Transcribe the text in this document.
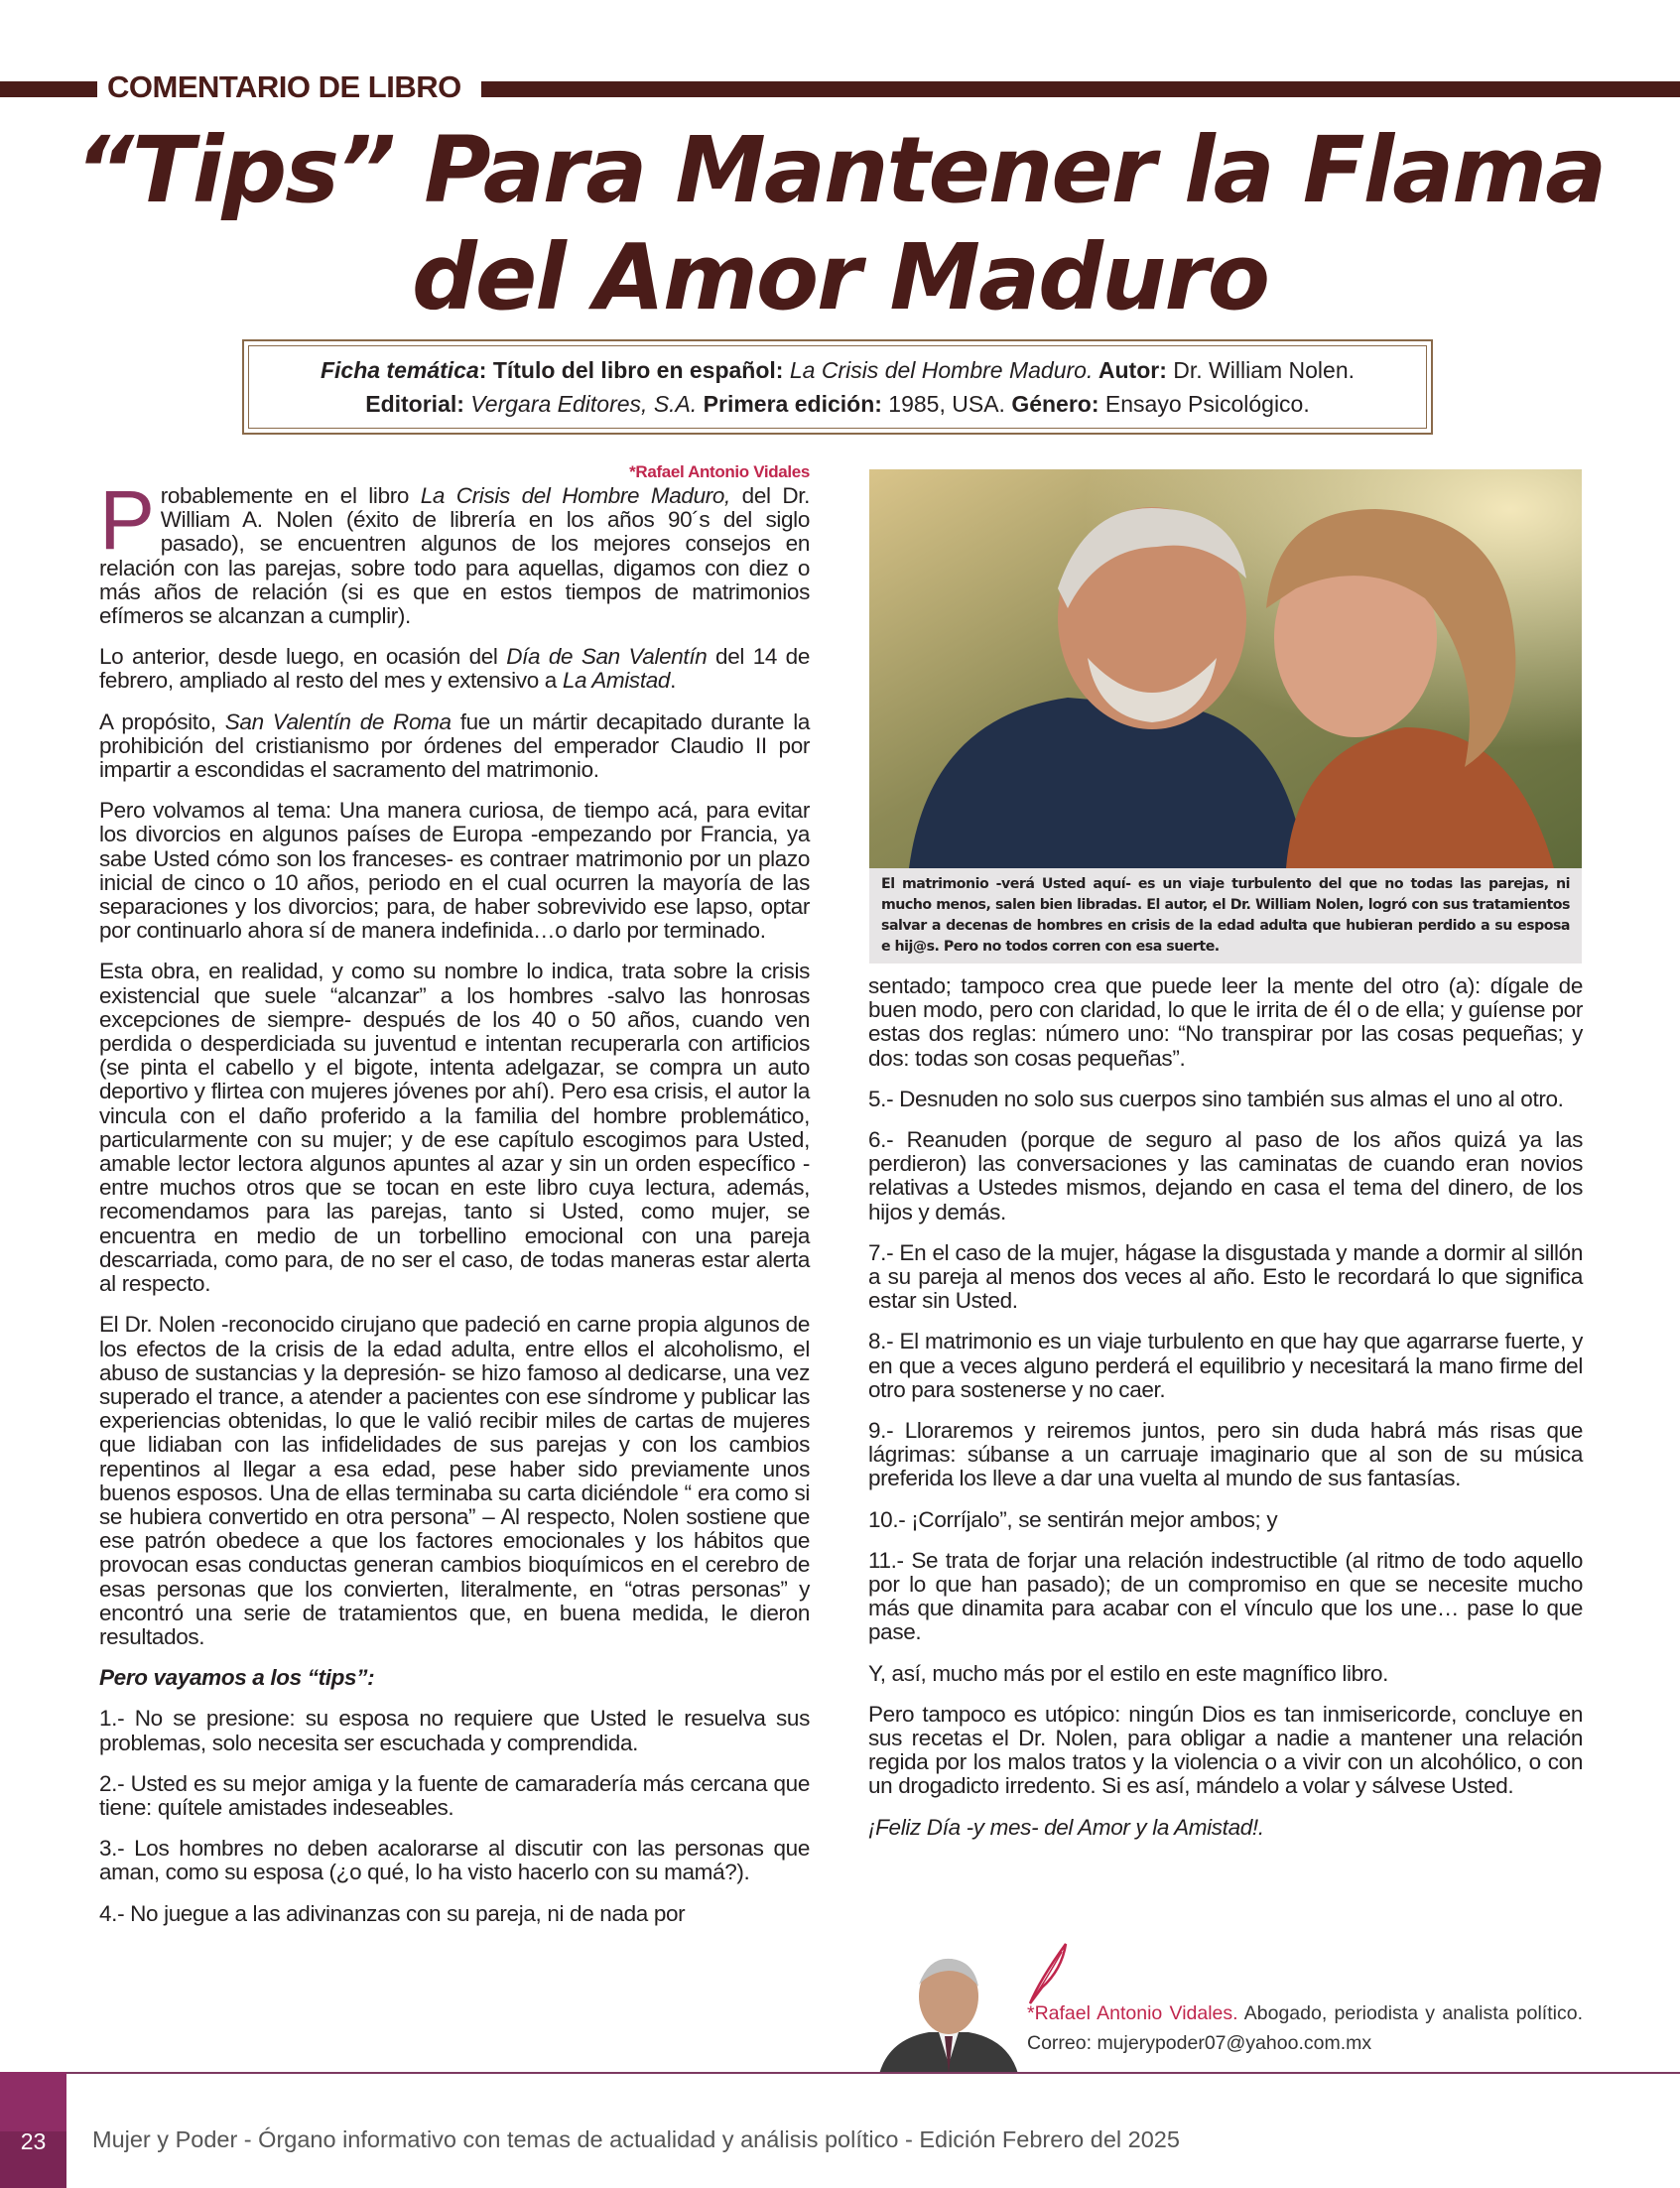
COMENTARIO DE LIBRO
“Tips” Para Mantener la Flama
del Amor Maduro
Ficha temática: Título del libro en español: La Crisis del Hombre Maduro. Autor: Dr. William Nolen.
Editorial: Vergara Editores, S.A. Primera edición: 1985, USA. Género: Ensayo Psicológico.
*Rafael Antonio Vidales

Probablemente en el libro La Crisis del Hombre Maduro, del Dr. William A. Nolen (éxito de librería en los años 90´s del siglo pasado), se encuentren algunos de los mejores consejos en relación con las parejas, sobre todo para aquellas, digamos con diez o más años de relación (si es que en estos tiempos de matrimonios efímeros se alcanzan a cumplir).

Lo anterior, desde luego, en ocasión del Día de San Valentín del 14 de febrero, ampliado al resto del mes y extensivo a La Amistad.

A propósito, San Valentín de Roma fue un mártir decapitado durante la prohibición del cristianismo por órdenes del emperador Claudio II por impartir a escondidas el sacramento del matrimonio.

Pero volvamos al tema: Una manera curiosa, de tiempo acá, para evitar los divorcios en algunos países de Europa -empezando por Francia, ya sabe Usted cómo son los franceses- es contraer matrimonio por un plazo inicial de cinco o 10 años, periodo en el cual ocurren la mayoría de las separaciones y los divorcios; para, de haber sobrevivido ese lapso, optar por continuarlo ahora sí de manera indefinida…o darlo por terminado.

Esta obra, en realidad, y como su nombre lo indica, trata sobre la crisis existencial que suele “alcanzar” a los hombres -salvo las honrosas excepciones de siempre- después de los 40 o 50 años, cuando ven perdida o desperdiciada su juventud e intentan recuperarla con artificios (se pinta el cabello y el bigote, intenta adelgazar, se compra un auto deportivo y flirtea con mujeres jóvenes por ahí). Pero esa crisis, el autor la vincula con el daño proferido a la familia del hombre problemático, particularmente con su mujer; y de ese capítulo escogimos para Usted, amable lector lectora algunos apuntes al azar y sin un orden específico -entre muchos otros que se tocan en este libro cuya lectura, además, recomendamos para las parejas, tanto si Usted, como mujer, se encuentra en medio de un torbellino emocional con una pareja descarriada, como para, de no ser el caso, de todas maneras estar alerta al respecto.

El Dr. Nolen -reconocido cirujano que padeció en carne propia algunos de los efectos de la crisis de la edad adulta, entre ellos el alcoholismo, el abuso de sustancias y la depresión- se hizo famoso al dedicarse, una vez superado el trance, a atender a pacientes con ese síndrome y publicar las experiencias obtenidas, lo que le valió recibir miles de cartas de mujeres que lidiaban con las infidelidades de sus parejas y con los cambios repentinos al llegar a esa edad, pese haber sido previamente unos buenos esposos. Una de ellas terminaba su carta diciéndole “ era como si se hubiera convertido en otra persona” – Al respecto, Nolen sostiene que ese patrón obedece a que los factores emocionales y los hábitos que provocan esas conductas generan cambios bioquímicos en el cerebro de esas personas que los convierten, literalmente, en “otras personas” y encontró una serie de tratamientos que, en buena medida, le dieron resultados.

Pero vayamos a los “tips”:

1.- No se presione: su esposa no requiere que Usted le resuelva sus problemas, solo necesita ser escuchada y comprendida.

2.- Usted es su mejor amiga y la fuente de camaradería más cercana que tiene: quítele amistades indeseables.

3.- Los hombres no deben acalorarse al discutir con las personas que aman, como su esposa (¿o qué, lo ha visto hacerlo con su mamá?).

4.- No juegue a las adivinanzas con su pareja, ni de nada por

El matrimonio -verá Usted aquí- es un viaje turbulento del que no todas las parejas, ni mucho menos, salen bien libradas. El autor, el Dr. William Nolen, logró con sus tratamientos salvar a decenas de hombres en crisis de la edad adulta que hubieran perdido a su esposa e hij@s. Pero no todos corren con esa suerte.

sentado; tampoco crea que puede leer la mente del otro (a): dígale de buen modo, pero con claridad, lo que le irrita de él o de ella; y guíense por estas dos reglas: número uno: “No transpirar por las cosas pequeñas; y dos: todas son cosas pequeñas”.

5.- Desnuden no solo sus cuerpos sino también sus almas el uno al otro.

6.- Reanuden (porque de seguro al paso de los años quizá ya las perdieron) las conversaciones y las caminatas de cuando eran novios relativas a Ustedes mismos, dejando en casa el tema del dinero, de los hijos y demás.

7.- En el caso de la mujer, hágase la disgustada y mande a dormir al sillón a su pareja al menos dos veces al año. Esto le recordará lo que significa estar sin Usted.

8.- El matrimonio es un viaje turbulento en que hay que agarrarse fuerte, y en que a veces alguno perderá el equilibrio y necesitará la mano firme del otro para sostenerse y no caer.

9.- Lloraremos y reiremos juntos, pero sin duda habrá más risas que lágrimas: súbanse a un carruaje imaginario que al son de su música preferida los lleve a dar una vuelta al mundo de sus fantasías.

10.- ¡Corríjalo”, se sentirán mejor ambos; y

11.- Se trata de forjar una relación indestructible (al ritmo de todo aquello por lo que han pasado); de un compromiso en que se necesite mucho más que dinamita para acabar con el vínculo que los une… pase lo que pase.

Y, así, mucho más por el estilo en este magnífico libro.

Pero tampoco es utópico: ningún Dios es tan inmisericorde, concluye en sus recetas el Dr. Nolen, para obligar a nadie a mantener una relación regida por los malos tratos y la violencia o a vivir con un alcohólico, o con un drogadicto irredento. Si es así, mándelo a volar y sálvese Usted.

¡Feliz Día -y mes- del Amor y la Amistad!.

*Rafael Antonio Vidales. Abogado, periodista y analista político. Correo: mujerypoder07@yahoo.com.mx
23	Mujer y Poder - Órgano informativo con temas de actualidad y análisis político - Edición Febrero del 2025
